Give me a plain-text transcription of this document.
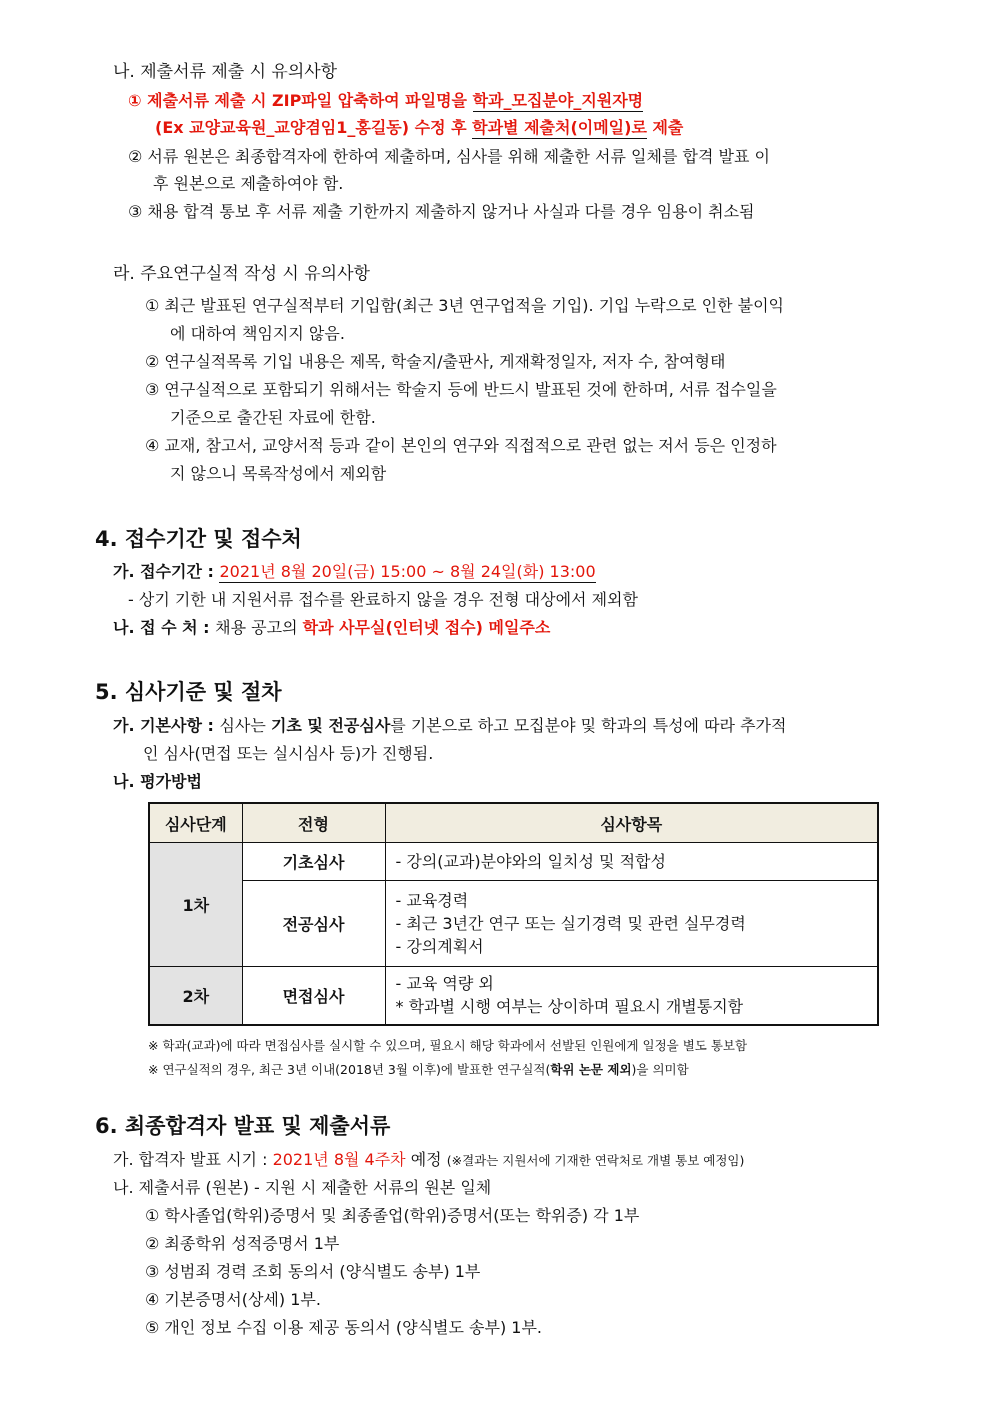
나. 제출서류 제출 시 유의사항
① 제출서류 제출 시 ZIP파일 압축하여 파일명을 학과_모집분야_지원자명
(Ex 교양교육원_교양겸임1_홍길동) 수정 후 학과별 제출처(이메일)로 제출
② 서류 원본은 최종합격자에 한하여 제출하며, 심사를 위해 제출한 서류 일체를 합격 발표 이
후 원본으로 제출하여야 함.
③ 채용 합격 통보 후 서류 제출 기한까지 제출하지 않거나 사실과 다를 경우 임용이 취소됨
라. 주요연구실적 작성 시 유의사항
① 최근 발표된 연구실적부터 기입함(최근 3년 연구업적을 기입). 기입 누락으로 인한 불이익
에 대하여 책임지지 않음.
② 연구실적목록 기입 내용은 제목, 학술지/출판사, 게재확정일자, 저자 수, 참여형태
③ 연구실적으로 포함되기 위해서는 학술지 등에 반드시 발표된 것에 한하며, 서류 접수일을
기준으로 출간된 자료에 한함.
④ 교재, 참고서, 교양서적 등과 같이 본인의 연구와 직접적으로 관련 없는 저서 등은 인정하
지 않으니 목록작성에서 제외함
4. 접수기간 및 접수처
가. 접수기간 : 2021년 8월 20일(금) 15:00 ~ 8월 24일(화) 13:00
- 상기 기한 내 지원서류 접수를 완료하지 않을 경우 전형 대상에서 제외함
나. 접 수 처 : 채용 공고의 학과 사무실(인터넷 접수) 메일주소
5. 심사기준 및 절차
가. 기본사항 : 심사는 기초 및 전공심사를 기본으로 하고 모집분야 및 학과의 특성에 따라 추가적
인 심사(면접 또는 실시심사 등)가 진행됨.
나. 평가방법
심사단계	전형	심사항목
1차	기초심사	- 강의(교과)분야와의 일치성 및 적합성
	전공심사	- 교육경력
- 최근 3년간 연구 또는 실기경력 및 관련 실무경력
- 강의계획서

2차	면접심사	- 교육 역량 외
* 학과별 시행 여부는 상이하며 필요시 개별통지함
※ 학과(교과)에 따라 면접심사를 실시할 수 있으며, 필요시 해당 학과에서 선발된 인원에게 일정을 별도 통보함
※ 연구실적의 경우, 최근 3년 이내(2018년 3월 이후)에 발표한 연구실적(학위 논문 제외)을 의미함
6. 최종합격자 발표 및 제출서류
가. 합격자 발표 시기 : 2021년 8월 4주차 예정 (※결과는 지원서에 기재한 연락처로 개별 통보 예정임)
나. 제출서류 (원본) - 지원 시 제출한 서류의 원본 일체
① 학사졸업(학위)증명서 및 최종졸업(학위)증명서(또는 학위증) 각 1부
② 최종학위 성적증명서 1부
③ 성범죄 경력 조회 동의서 (양식별도 송부) 1부
④ 기본증명서(상세) 1부.
⑤ 개인 정보 수집 이용 제공 동의서 (양식별도 송부) 1부.
